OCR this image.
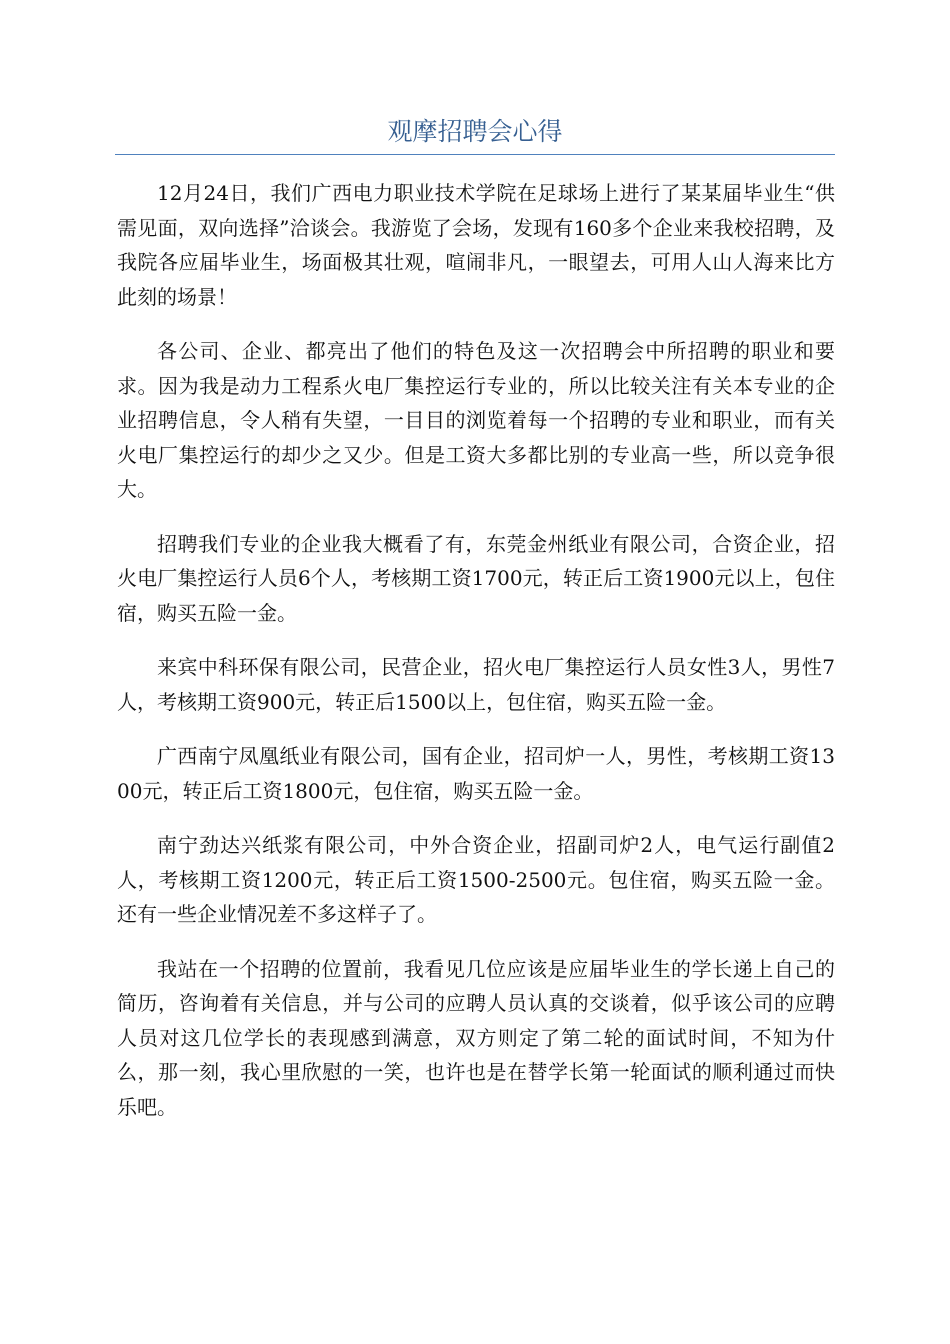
观摩招聘会心得

12月24日，我们广西电力职业技术学院在足球场上进行了某某届毕业生“供需见面，双向选择”洽谈会。我游览了会场，发现有160多个企业来我校招聘，及我院各应届毕业生，场面极其壮观，喧闹非凡，一眼望去，可用人山人海来比方此刻的场景！

各公司、企业、都亮出了他们的特色及这一次招聘会中所招聘的职业和要求。因为我是动力工程系火电厂集控运行专业的，所以比较关注有关本专业的企业招聘信息，令人稍有失望，一目目的浏览着每一个招聘的专业和职业，而有关火电厂集控运行的却少之又少。但是工资大多都比别的专业高一些，所以竞争很大。

招聘我们专业的企业我大概看了有，东莞金州纸业有限公司，合资企业，招火电厂集控运行人员6个人，考核期工资1700元，转正后工资1900元以上，包住宿，购买五险一金。

来宾中科环保有限公司，民营企业，招火电厂集控运行人员女性3人，男性7人，考核期工资900元，转正后1500以上，包住宿，购买五险一金。

广西南宁凤凰纸业有限公司，国有企业，招司炉一人，男性，考核期工资1300元，转正后工资1800元，包住宿，购买五险一金。

南宁劲达兴纸浆有限公司，中外合资企业，招副司炉2人，电气运行副值2人，考核期工资1200元，转正后工资1500-2500元。包住宿，购买五险一金。还有一些企业情况差不多这样子了。

我站在一个招聘的位置前，我看见几位应该是应届毕业生的学长递上自己的简历，咨询着有关信息，并与公司的应聘人员认真的交谈着，似乎该公司的应聘人员对这几位学长的表现感到满意，双方则定了第二轮的面试时间，不知为什么，那一刻，我心里欣慰的一笑，也许也是在替学长第一轮面试的顺利通过而快乐吧。
